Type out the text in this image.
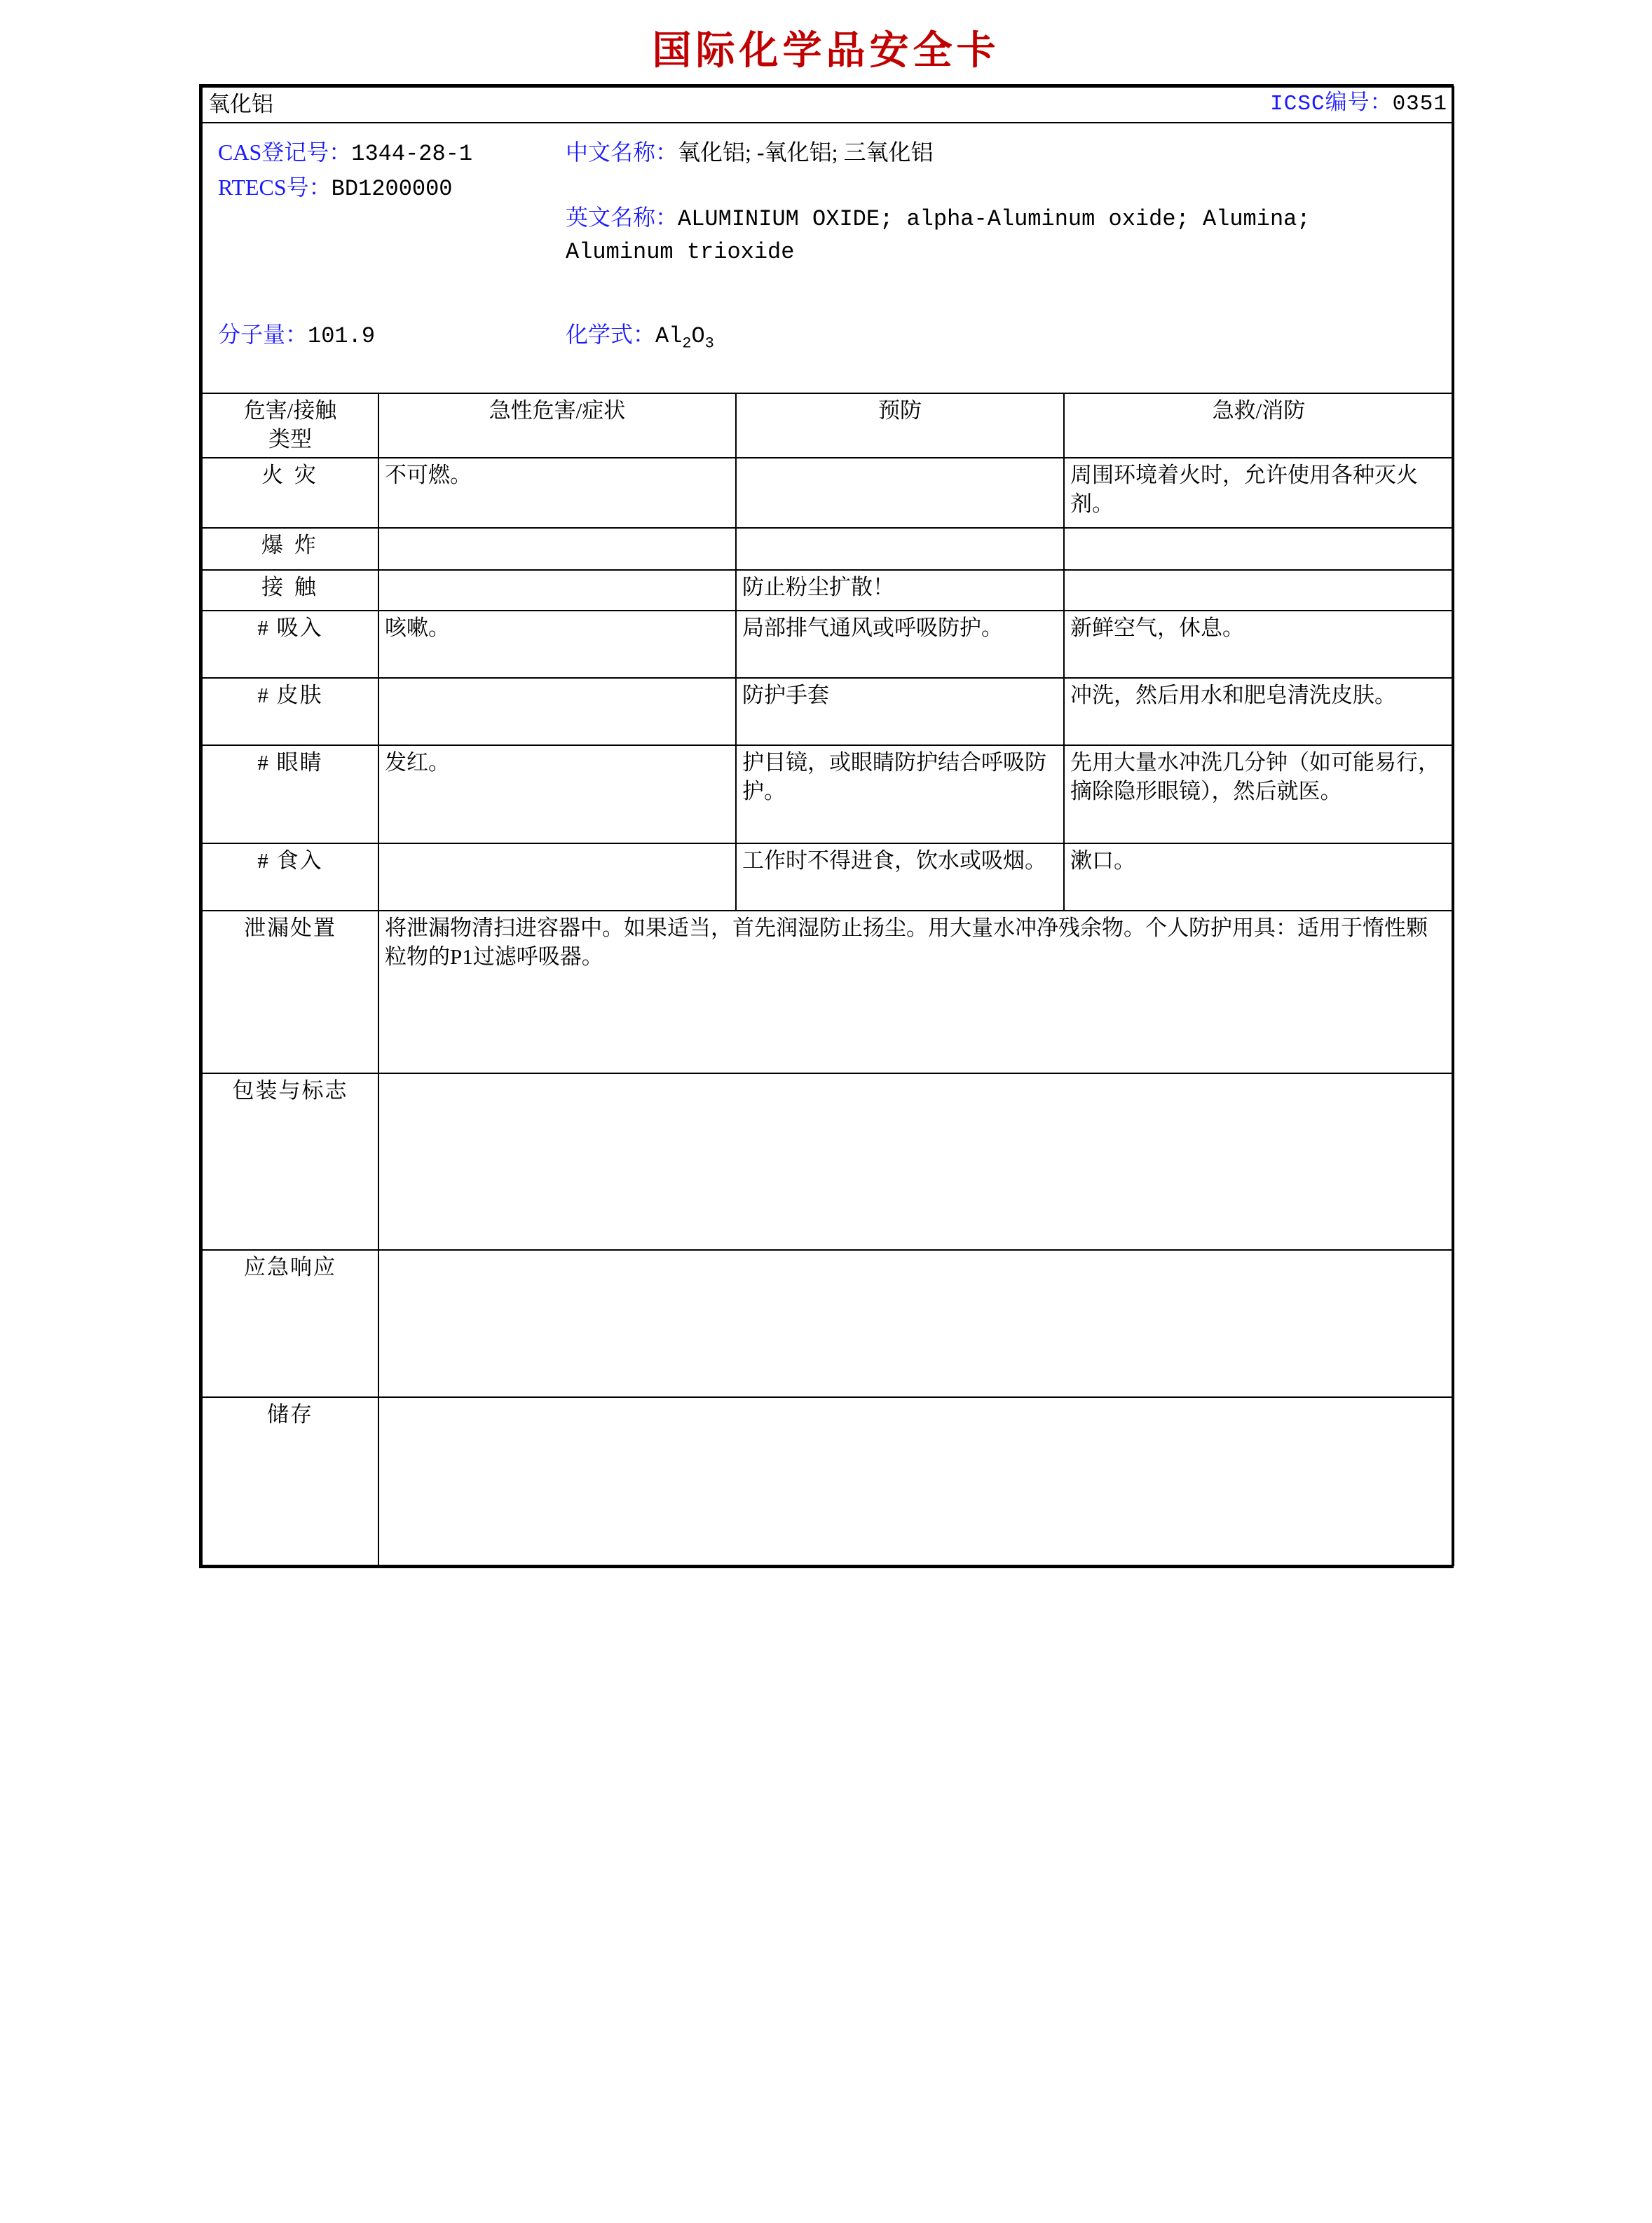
国际化学品安全卡
氧化铝		ICSC编号：0351	

CAS登记号：1344-28-1
RTECS号：BD1200000
中文名称：氧化铝; -氧化铝; 三氧化铝
英文名称：ALUMINIUM OXIDE; alpha-Aluminum oxide; Alumina; Aluminum trioxide
分子量：101.9	化学式：$Al_2O_3$

危害/接触
类型	急性危害/症状	预防	急救/消防
火 灾	不可燃。		周围环境着火时，允许使用各种灭火剂。
爆 炸			
接 触		防止粉尘扩散！	
# 吸入	咳嗽。	局部排气通风或呼吸防护。	新鲜空气，休息。
# 皮肤		防护手套	冲洗，然后用水和肥皂清洗皮肤。
# 眼睛	发红。	护目镜，或眼睛防护结合呼吸防护。	先用大量水冲洗几分钟（如可能易行，摘除隐形眼镜），然后就医。
# 食入		工作时不得进食，饮水或吸烟。	漱口。
泄漏处置	将泄漏物清扫进容器中。如果适当，首先润湿防止扬尘。用大量水冲净残余物。个人防护用具：适用于惰性颗粒物的P1过滤呼吸器。		
包装与标志			
应急响应			
储存			
